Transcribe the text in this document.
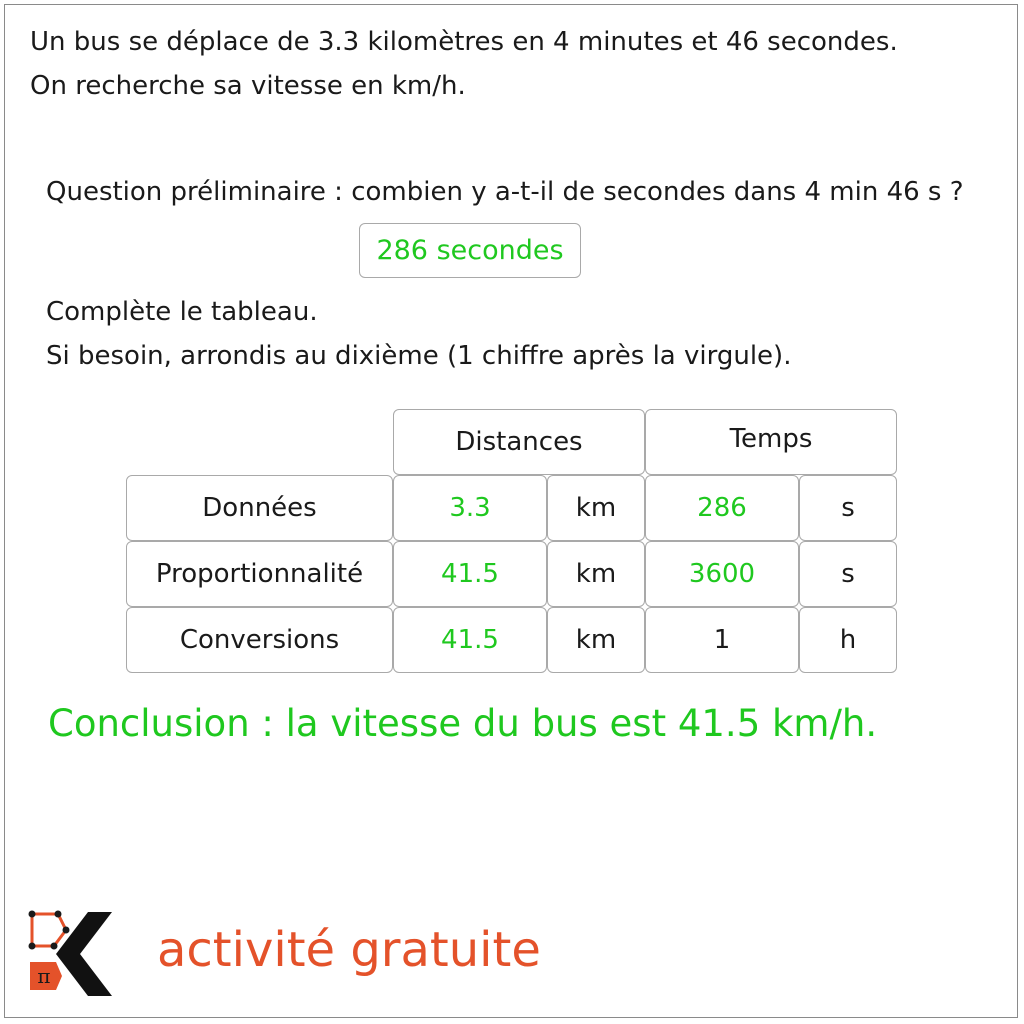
Un bus se déplace de 3.3 kilomètres en 4 minutes et 46 secondes.
On recherche sa vitesse en km/h.
Question préliminaire : combien y a-t-il de secondes dans 4 min 46 s ?
286 secondes
Complète le tableau.
Si besoin, arrondis au dixième (1 chiffre après la virgule).
Distances	Temps
Données	3.3	km	286	s
Proportionnalité	41.5	km	3600	s
Conversions	41.5	km	1	h
Conclusion : la vitesse du bus est 41.5 km/h.
π activité gratuite
